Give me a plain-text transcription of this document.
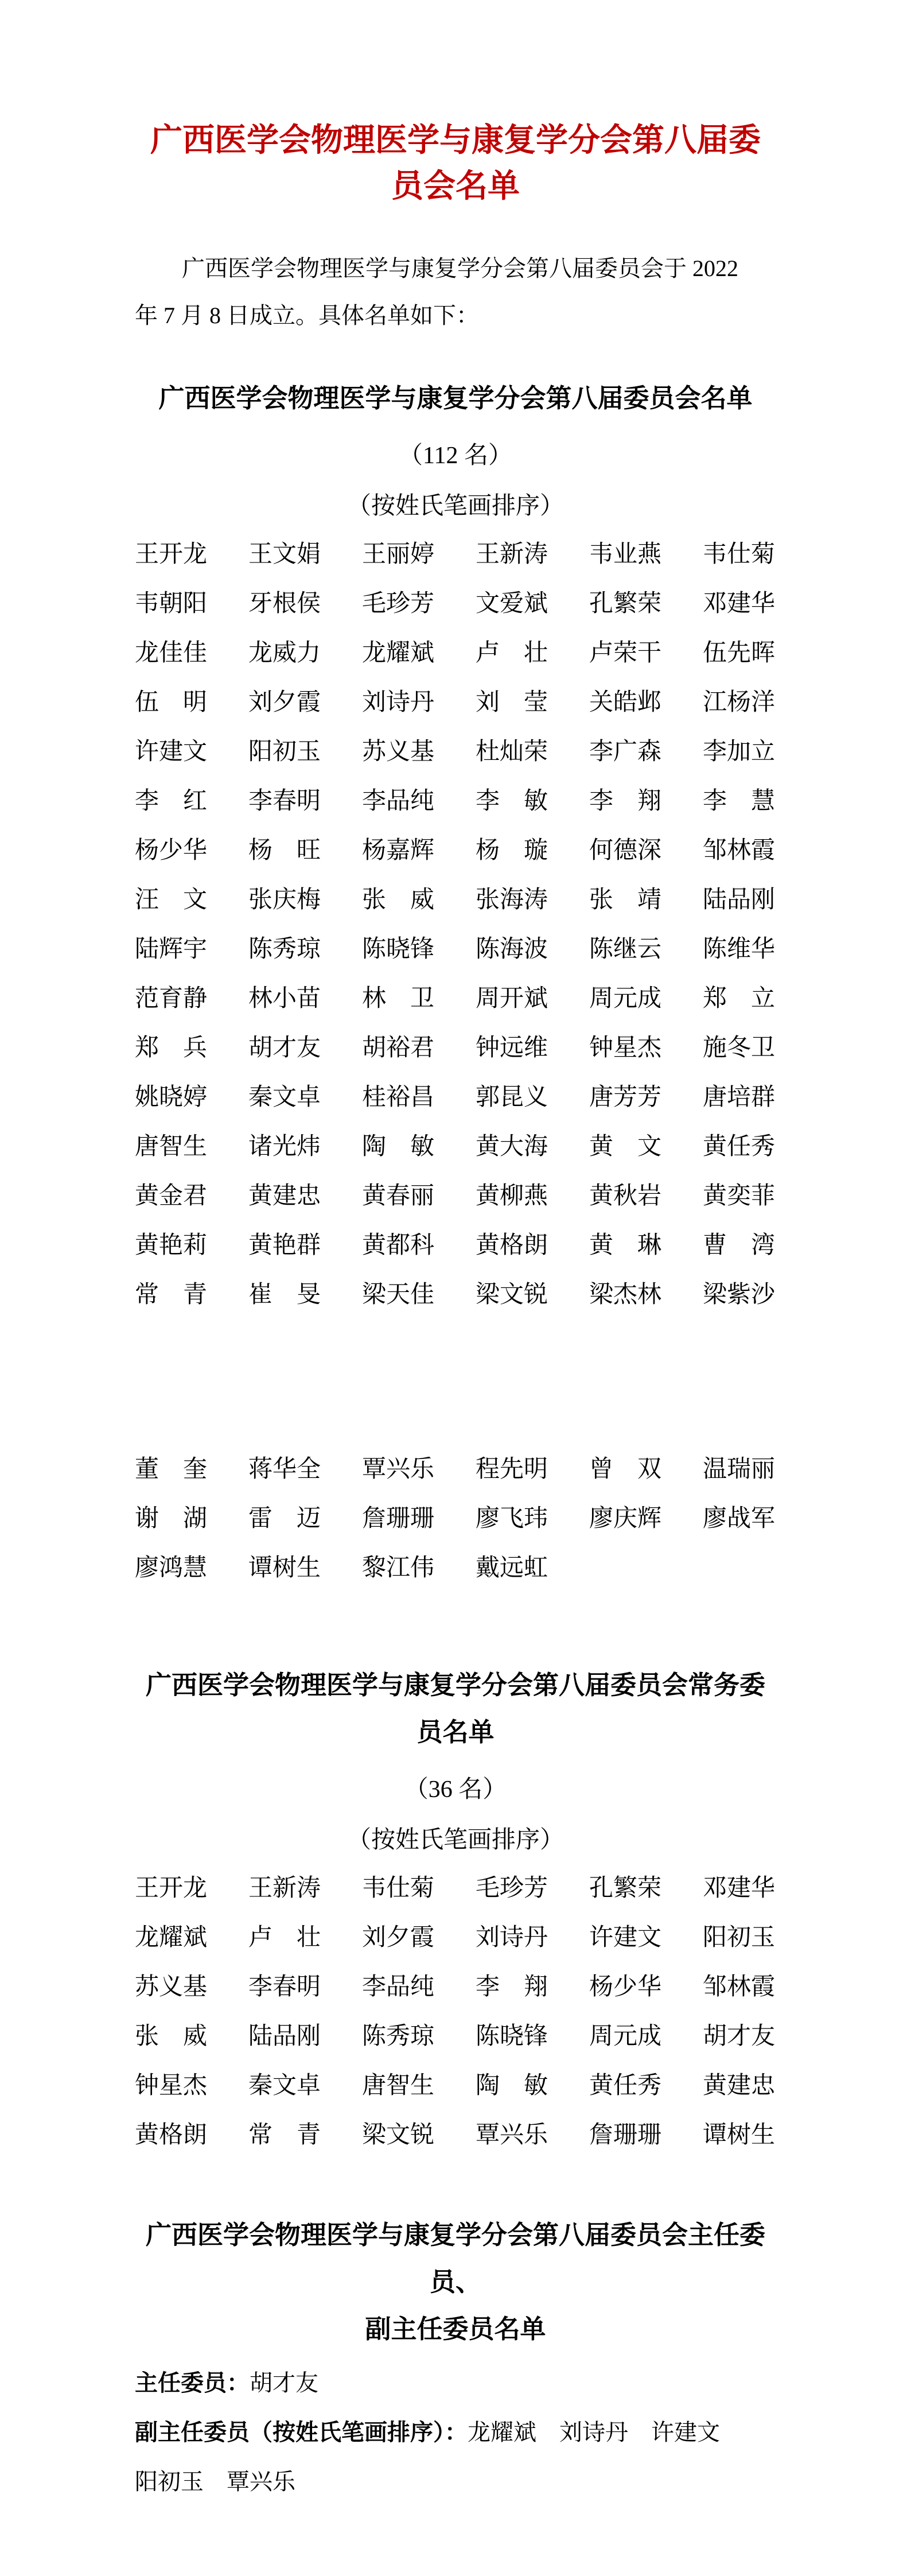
广西医学会物理医学与康复学分会第八届委员会名单
广西医学会物理医学与康复学分会第八届委员会于 2022
年 7 月 8 日成立。具体名单如下：
广西医学会物理医学与康复学分会第八届委员会名单
（112 名）
（按姓氏笔画排序）
王开龙 王文娟 王丽婷 王新涛 韦业燕 韦仕菊
韦朝阳 牙根侯 毛珍芳 文爱斌 孔繁荣 邓建华
龙佳佳 龙威力 龙耀斌 卢　壮 卢荣干 伍先晖
伍　明 刘夕霞 刘诗丹 刘　莹 关皓邺 江杨洋
许建文 阳初玉 苏义基 杜灿荣 李广森 李加立
李　红 李春明 李品纯 李　敏 李　翔 李　慧
杨少华 杨　旺 杨嘉辉 杨　璇 何德深 邹林霞
汪　文 张庆梅 张　威 张海涛 张　靖 陆品刚
陆辉宇 陈秀琼 陈晓锋 陈海波 陈继云 陈维华
范育静 林小苗 林　卫 周开斌 周元成 郑　立
郑　兵 胡才友 胡裕君 钟远维 钟星杰 施冬卫
姚晓婷 秦文卓 桂裕昌 郭昆义 唐芳芳 唐培群
唐智生 诸光炜 陶　敏 黄大海 黄　文 黄任秀
黄金君 黄建忠 黄春丽 黄柳燕 黄秋岩 黄奕菲
黄艳莉 黄艳群 黄都科 黄格朗 黄　琳 曹　湾
常　青 崔　旻 梁天佳 梁文锐 梁杰林 梁紫沙
董　奎 蒋华全 覃兴乐 程先明 曾　双 温瑞丽
谢　湖 雷　迈 詹珊珊 廖飞玮 廖庆辉 廖战军
廖鸿慧 谭树生 黎江伟 戴远虹
广西医学会物理医学与康复学分会第八届委员会常务委员名单
（36 名）
（按姓氏笔画排序）
王开龙 王新涛 韦仕菊 毛珍芳 孔繁荣 邓建华
龙耀斌 卢　壮 刘夕霞 刘诗丹 许建文 阳初玉
苏义基 李春明 李品纯 李　翔 杨少华 邹林霞
张　威 陆品刚 陈秀琼 陈晓锋 周元成 胡才友
钟星杰 秦文卓 唐智生 陶　敏 黄任秀 黄建忠
黄格朗 常　青 梁文锐 覃兴乐 詹珊珊 谭树生
广西医学会物理医学与康复学分会第八届委员会主任委员、
副主任委员名单
主任委员：胡才友
副主任委员（按姓氏笔画排序）：龙耀斌　刘诗丹　许建文
阳初玉　覃兴乐
